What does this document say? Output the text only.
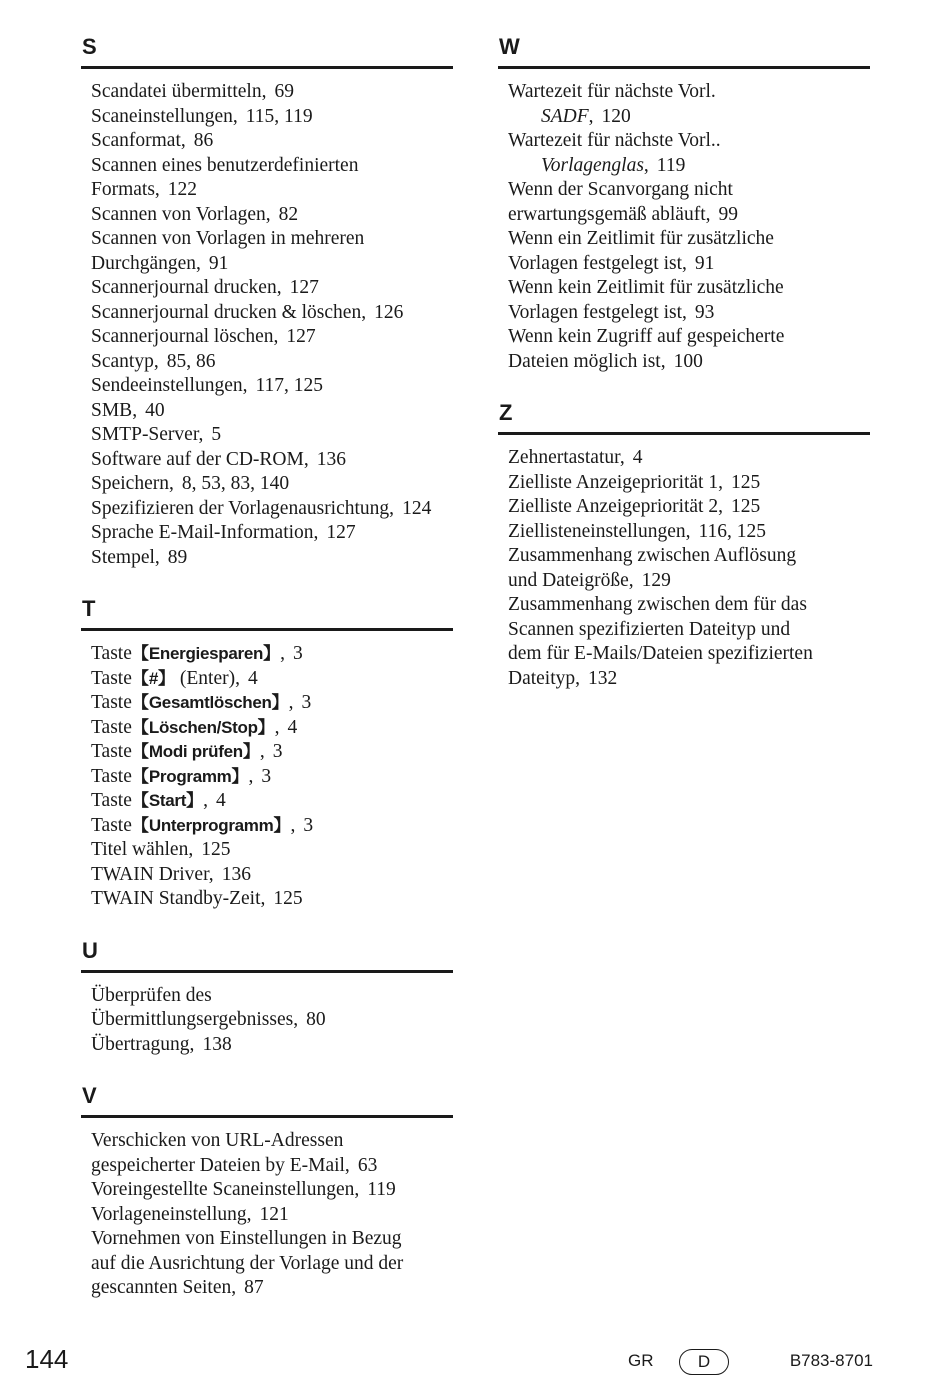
S
Scandatei übermitteln, 69
Scaneinstellungen, 115, 119
Scanformat, 86
Scannen eines benutzerdefinierten
Formats, 122
Scannen von Vorlagen, 82
Scannen von Vorlagen in mehreren
Durchgängen, 91
Scannerjournal drucken, 127
Scannerjournal drucken & löschen, 126
Scannerjournal löschen, 127
Scantyp, 85, 86
Sendeeinstellungen, 117, 125
SMB, 40
SMTP-Server, 5
Software auf der CD-ROM, 136
Speichern, 8, 53, 83, 140
Spezifizieren der Vorlagenausrichtung, 124
Sprache E-Mail-Information, 127
Stempel, 89
T
Taste【Energiesparen】, 3
Taste【#】 (Enter), 4
Taste【Gesamtlöschen】, 3
Taste【Löschen/Stop】, 4
Taste【Modi prüfen】, 3
Taste【Programm】, 3
Taste【Start】, 4
Taste【Unterprogramm】, 3
Titel wählen, 125
TWAIN Driver, 136
TWAIN Standby-Zeit, 125
U
Überprüfen des
Übermittlungsergebnisses, 80
Übertragung, 138
V
Verschicken von URL-Adressen
gespeicherter Dateien by E-Mail, 63
Voreingestellte Scaneinstellungen, 119
Vorlageneinstellung, 121
Vornehmen von Einstellungen in Bezug
auf die Ausrichtung der Vorlage und der
gescannten Seiten, 87
W
Wartezeit für nächste Vorl.
SADF, 120
Wartezeit für nächste Vorl..
Vorlagenglas, 119
Wenn der Scanvorgang nicht
erwartungsgemäß abläuft, 99
Wenn ein Zeitlimit für zusätzliche
Vorlagen festgelegt ist, 91
Wenn kein Zeitlimit für zusätzliche
Vorlagen festgelegt ist, 93
Wenn kein Zugriff auf gespeicherte
Dateien möglich ist, 100
Z
Zehnertastatur, 4
Zielliste Anzeigepriorität 1, 125
Zielliste Anzeigepriorität 2, 125
Ziellisteneinstellungen, 116, 125
Zusammenhang zwischen Auflösung
und Dateigröße, 129
Zusammenhang zwischen dem für das
Scannen spezifizierten Dateityp und
dem für E-Mails/Dateien spezifizierten
Dateityp, 132
144	GR	D	B783-8701
